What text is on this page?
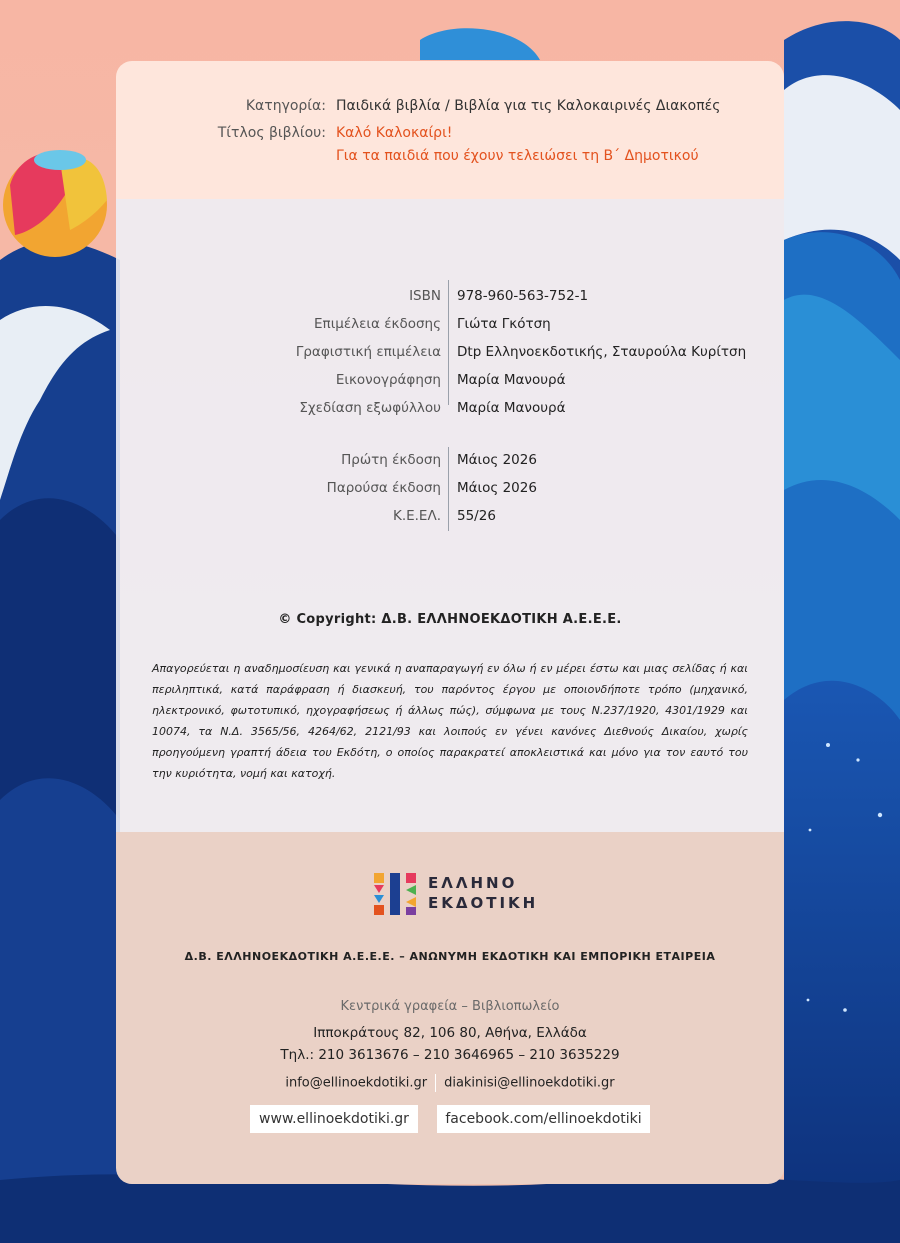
Κατηγορία: Παιδικά βιβλία / Βιβλία για τις Καλοκαιρινές Διακοπές
Τίτλος βιβλίου: Καλό Καλοκαίρι!
Για τα παιδιά που έχουν τελειώσει τη Β΄ Δημοτικού
ISBN 978-960-563-752-1
Επιμέλεια έκδοσης Γιώτα Γκότση
Γραφιστική επιμέλεια Dtp Ελληνοεκδοτικής, Σταυρούλα Κυρίτση
Εικονογράφηση Μαρία Μανουρά
Σχεδίαση εξωφύλλου Μαρία Μανουρά
Πρώτη έκδοση Μάιος 2026
Παρούσα έκδοση Μάιος 2026
Κ.Ε.ΕΛ. 55/26
© Copyright: Δ.Β. ΕΛΛΗΝΟΕΚΔΟΤΙΚΗ Α.Ε.Ε.Ε.
Απαγορεύεται η αναδημοσίευση και γενικά η αναπαραγωγή εν όλω ή εν μέρει έστω και μιας σελίδας ή και περιληπτικά, κατά παράφραση ή διασκευή, του παρόντος έργου με οποιονδήποτε τρόπο (μηχανικό, ηλεκτρονικό, φωτοτυπικό, ηχογραφήσεως ή άλλως πώς), σύμφωνα με τους Ν.237/1920, 4301/1929 και 10074, τα Ν.Δ. 3565/56, 4264/62, 2121/93 και λοιπούς εν γένει κανόνες Διεθνούς Δικαίου, χωρίς προηγούμενη γραπτή άδεια του Εκδότη, ο οποίος παρακρατεί αποκλειστικά και μόνο για τον εαυτό του την κυριότητα, νομή και κατοχή.
ΕΛΛΗΝΟ
ΕΚΔΟΤΙΚΗ
Δ.Β. ΕΛΛΗΝΟΕΚΔΟΤΙΚΗ Α.Ε.Ε.Ε. – ΑΝΩΝΥΜΗ ΕΚΔΟΤΙΚΗ ΚΑΙ ΕΜΠΟΡΙΚΗ ΕΤΑΙΡΕΙΑ
Κεντρικά γραφεία – Βιβλιοπωλείο
Ιπποκράτους 82, 106 80, Αθήνα, Ελλάδα
Τηλ.: 210 3613676 – 210 3646965 – 210 3635229
info@ellinoekdotiki.gr diakinisi@ellinoekdotiki.gr
www.ellinoekdotiki.gr	facebook.com/ellinoekdotiki
